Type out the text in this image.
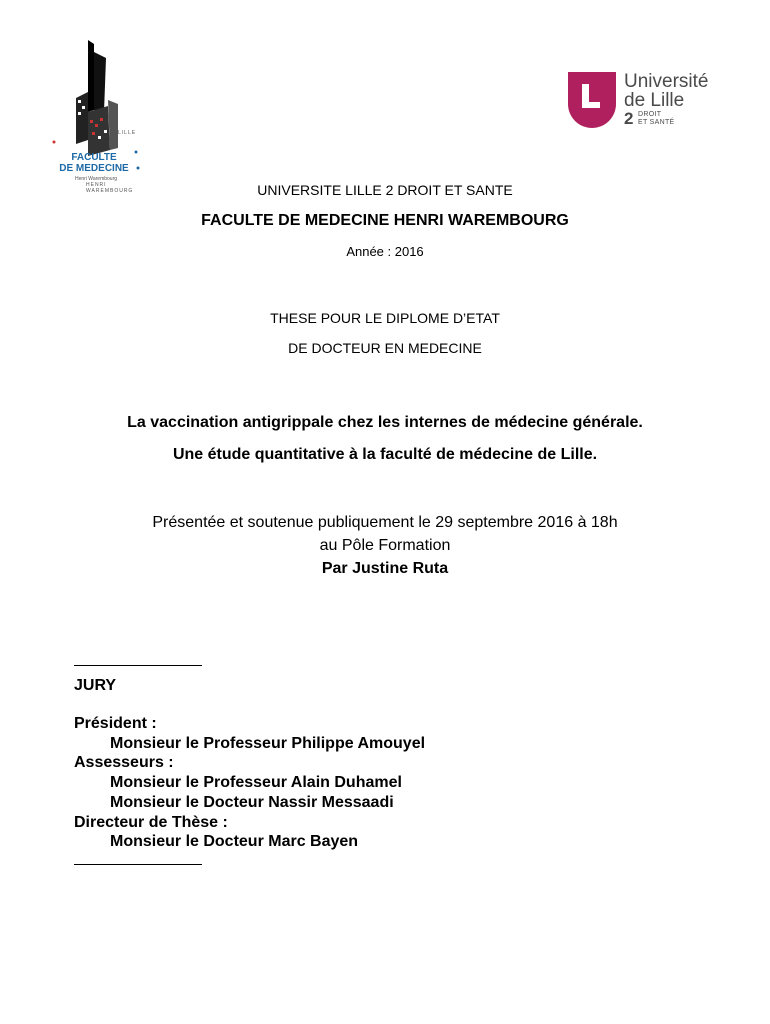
FACULTE
DE MEDECINE
Henri Warembourg
HENRI WAREMBOURG
LILLE
Université
de Lille
2 DROIT
ET SANTÉ
UNIVERSITE LILLE 2 DROIT ET SANTE
FACULTE DE MEDECINE HENRI WAREMBOURG
Année : 2016
THESE POUR LE DIPLOME D’ETAT
DE DOCTEUR EN MEDECINE
La vaccination antigrippale chez les internes de médecine générale.
Une étude quantitative à la faculté de médecine de Lille.
Présentée et soutenue publiquement le 29 septembre 2016 à 18h
au Pôle Formation
Par Justine Ruta
JURY
Président :
Monsieur le Professeur Philippe Amouyel
Assesseurs :
Monsieur le Professeur Alain Duhamel
Monsieur le Docteur Nassir Messaadi
Directeur de Thèse :
Monsieur le Docteur Marc Bayen
